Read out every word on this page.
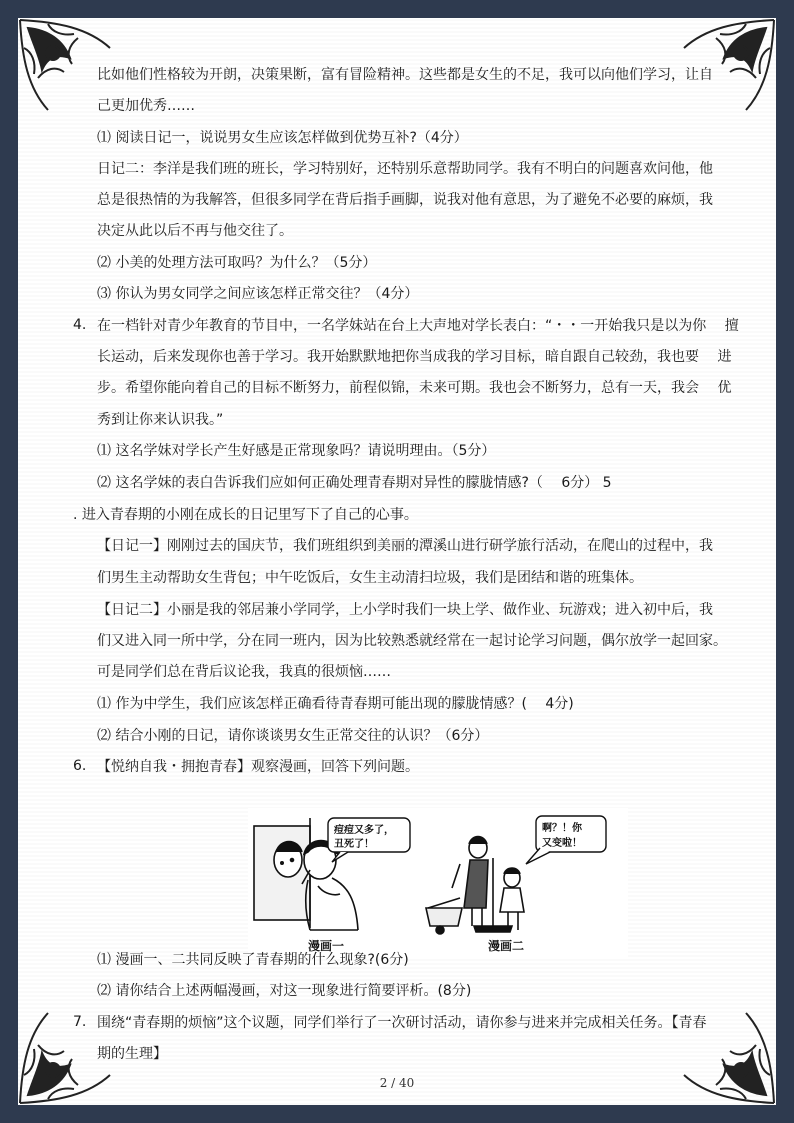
比如他们性格较为开朗，决策果断，富有冒险精神。这些都是女生的不足，我可以向他们学习，让自
己更加优秀……
⑴ 阅读日记一，说说男女生应该怎样做到优势互补?（4分）
日记二：李洋是我们班的班长，学习特别好，还特别乐意帮助同学。我有不明白的问题喜欢问他，他
总是很热情的为我解答，但很多同学在背后指手画脚，说我对他有意思，为了避免不必要的麻烦，我
决定从此以后不再与他交往了。
⑵ 小美的处理方法可取吗？为什么？（5分）
⑶ 你认为男女同学之间应该怎样正常交往？（4分）
4. 在一档针对青少年教育的节目中，一名学妹站在台上大声地对学长表白：“・・一开始我只是以为你　 擅
长运动，后来发现你也善于学习。我开始默默地把你当成我的学习目标，暗自跟自己较劲，我也要　 进
步。希望你能向着自己的目标不断努力，前程似锦，未来可期。我也会不断努力，总有一天，我会　 优
秀到让你来认识我。”
⑴ 这名学妹对学长产生好感是正常现象吗？请说明理由。（5分）
⑵ 这名学妹的表白告诉我们应如何正确处理青春期对异性的朦胧情感?（　 6分） 5
. 进入青春期的小刚在成长的日记里写下了自己的心事。
【日记一】刚刚过去的国庆节，我们班组织到美丽的潭溪山进行研学旅行活动，在爬山的过程中，我
们男生主动帮助女生背包；中午吃饭后，女生主动清扫垃圾，我们是团结和谐的班集体。
【日记二】小丽是我的邻居兼小学同学，上小学时我们一块上学、做作业、玩游戏；进入初中后，我
们又进入同一所中学，分在同一班内，因为比较熟悉就经常在一起讨论学习问题，偶尔放学一起回家。
可是同学们总在背后议论我，我真的很烦恼……
⑴ 作为中学生，我们应该怎样正确看待青春期可能出现的朦胧情感？(　 4分)
⑵ 结合小刚的日记，请你谈谈男女生正常交往的认识？（6分）
6. 【悦纳自我・拥抱青春】观察漫画，回答下列问题。
痘痘又多了，
丑死了！
漫画一
啊？！你
又变啦！
漫画二
⑴ 漫画一、二共同反映了青春期的什么现象?(6分)
⑵ 请你结合上述两幅漫画，对这一现象进行简要评析。(8分)
7. 围绕“青春期的烦恼”这个议题，同学们举行了一次研讨活动，请你参与进来并完成相关任务。【青春
期的生理】
2 / 40
